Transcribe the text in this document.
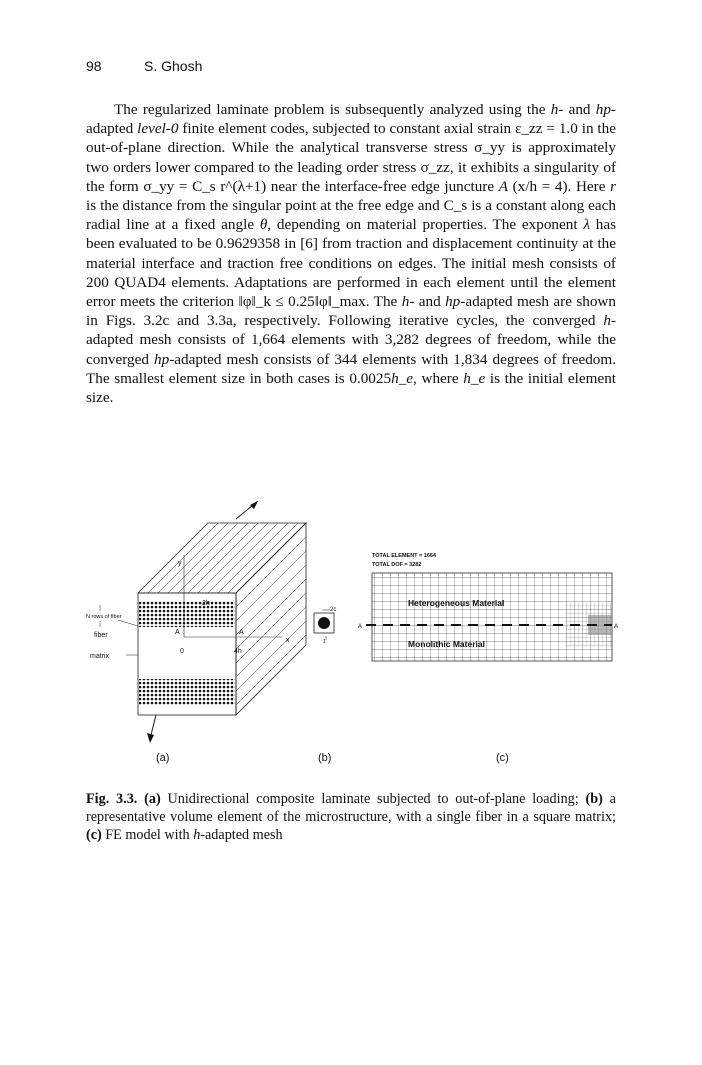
98	S. Ghosh

The regularized laminate problem is subsequently analyzed using the h- and hp-adapted level-0 finite element codes, subjected to constant axial strain ε_zz = 1.0 in the out-of-plane direction. While the analytical transverse stress σ_yy is approximately two orders lower compared to the leading order stress σ_zz, it exhibits a singularity of the form σ_yy = C_s r^(λ+1) near the interface-free edge juncture A (x/h = 4). Here r is the distance from the singular point at the free edge and C_s is a constant along each radial line at a fixed angle θ, depending on material properties. The exponent λ has been evaluated to be 0.9629358 in [6] from traction and displacement continuity at the material interface and traction free conditions on edges. The initial mesh consists of 200 QUAD4 elements. Adaptations are performed in each element until the element error meets the criterion ‖φ‖_k ≤ 0.25‖φ‖_max. The h- and hp-adapted mesh are shown in Figs. 3.2c and 3.3a, respectively. Following iterative cycles, the converged h-adapted mesh consists of 1,664 elements with 3,282 degrees of freedom, while the converged hp-adapted mesh consists of 344 elements with 1,834 degrees of freedom. The smallest element size in both cases is 0.0025h_e, where h_e is the initial element size.

y
2h
N rows of fiber
fiber
matrix
A	A
0	4h
x
2c
1
TOTAL ELEMENT = 1664
TOTAL DOF = 3282
Heterogeneous Material
Monolithic Material
A	A
(a)	(b)	(c)
Fig. 3.3. (a) Unidirectional composite laminate subjected to out-of-plane loading; (b) a representative volume element of the microstructure, with a single fiber in a square matrix; (c) FE model with h-adapted mesh
